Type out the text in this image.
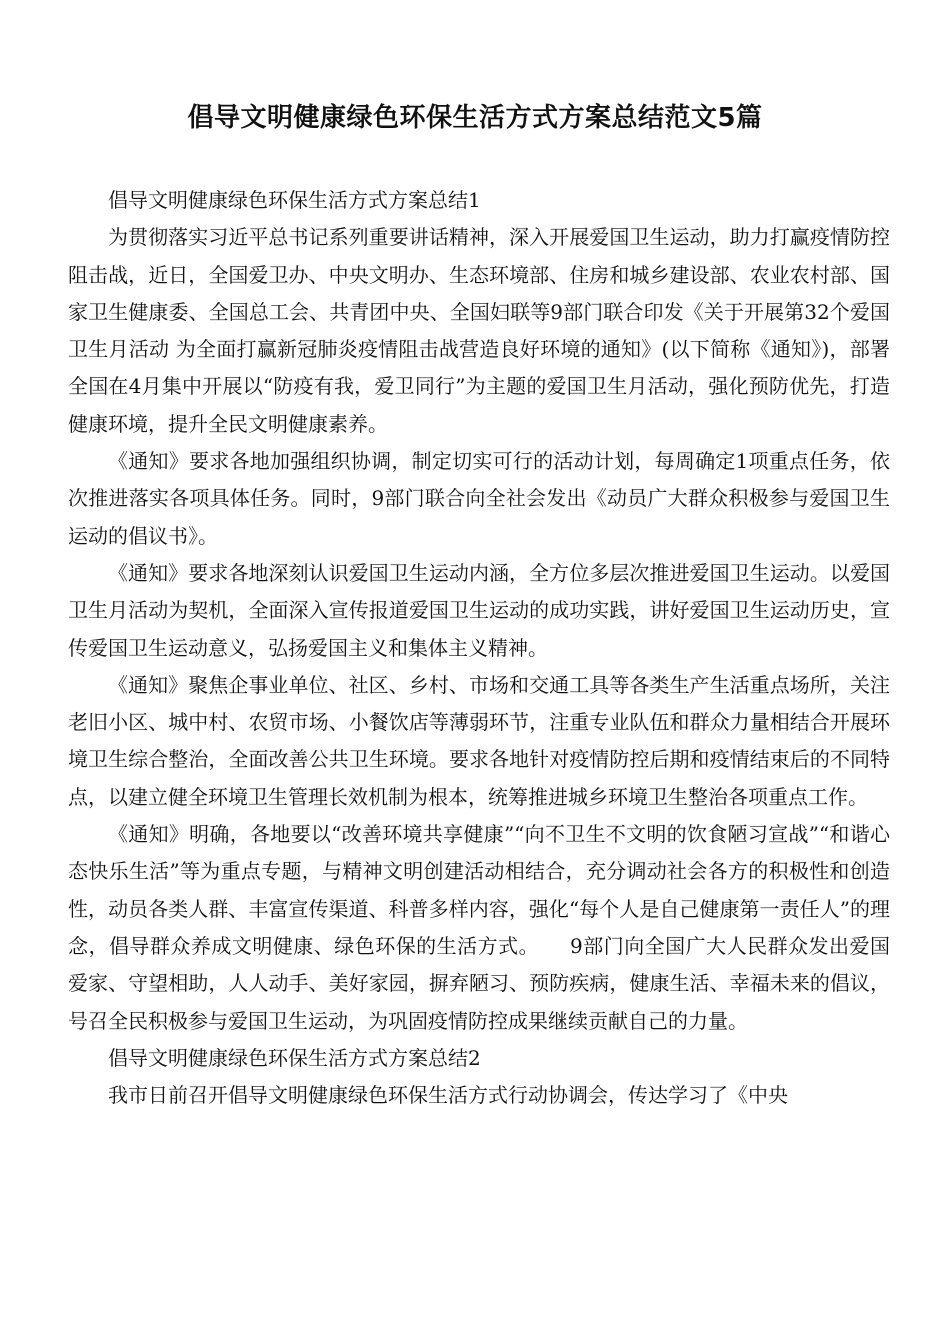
倡导文明健康绿色环保生活方式方案总结范文5篇

倡导文明健康绿色环保生活方式方案总结1

为贯彻落实习近平总书记系列重要讲话精神，深入开展爱国卫生运动，助力打赢疫情防控阻击战，近日，全国爱卫办、中央文明办、生态环境部、住房和城乡建设部、农业农村部、国家卫生健康委、全国总工会、共青团中央、全国妇联等9部门联合印发《关于开展第32个爱国卫生月活动 为全面打赢新冠肺炎疫情阻击战营造良好环境的通知》(以下简称《通知》)，部署全国在4月集中开展以“防疫有我，爱卫同行”为主题的爱国卫生月活动，强化预防优先，打造健康环境，提升全民文明健康素养。

《通知》要求各地加强组织协调，制定切实可行的活动计划，每周确定1项重点任务，依次推进落实各项具体任务。同时，9部门联合向全社会发出《动员广大群众积极参与爱国卫生运动的倡议书》。

《通知》要求各地深刻认识爱国卫生运动内涵，全方位多层次推进爱国卫生运动。以爱国卫生月活动为契机，全面深入宣传报道爱国卫生运动的成功实践，讲好爱国卫生运动历史，宣传爱国卫生运动意义，弘扬爱国主义和集体主义精神。

《通知》聚焦企事业单位、社区、乡村、市场和交通工具等各类生产生活重点场所，关注老旧小区、城中村、农贸市场、小餐饮店等薄弱环节，注重专业队伍和群众力量相结合开展环境卫生综合整治，全面改善公共卫生环境。要求各地针对疫情防控后期和疫情结束后的不同特点，以建立健全环境卫生管理长效机制为根本，统筹推进城乡环境卫生整治各项重点工作。

《通知》明确，各地要以“改善环境共享健康”“向不卫生不文明的饮食陋习宣战”“和谐心态快乐生活”等为重点专题，与精神文明创建活动相结合，充分调动社会各方的积极性和创造性，动员各类人群、丰富宣传渠道、科普多样内容，强化“每个人是自己健康第一责任人”的理念，倡导群众养成文明健康、绿色环保的生活方式。　　9部门向全国广大人民群众发出爱国爱家、守望相助，人人动手、美好家园，摒弃陋习、预防疾病，健康生活、幸福未来的倡议，号召全民积极参与爱国卫生运动，为巩固疫情防控成果继续贡献自己的力量。

倡导文明健康绿色环保生活方式方案总结2

我市日前召开倡导文明健康绿色环保生活方式行动协调会，传达学习了《中央
